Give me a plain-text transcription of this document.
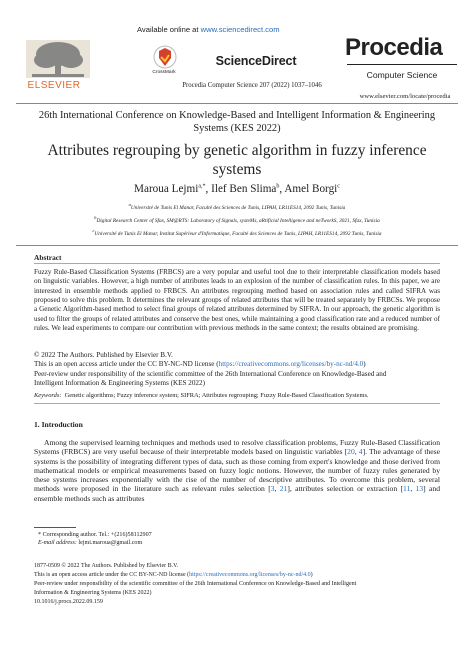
Available online at www.sciencedirect.com
ELSEVIER
CrossMark
ScienceDirect
Procedia Computer Science 207 (2022) 1037–1046
Procedia
Computer Science
www.elsevier.com/locate/procedia
26th International Conference on Knowledge-Based and Intelligent Information & Engineering
Systems (KES 2022)
Attributes regrouping by genetic algorithm in fuzzy inference
systems
Maroua Lejmi$^{a,*}$, Ilef Ben Slima$^b$, Amel Borgi$^c$
$^a$Université de Tunis El Manar, Faculté des Sciences de Tunis, LIPAH, LR11ES14, 2092 Tunis, Tunisia
$^b$Digital Research Center of Sfax, SM@RTS: Laboratory of Signals, systeMs, aRtificial Intelligence and neTworkS, 3021, Sfax, Tunisia
$^c$Université de Tunis El Manar, Institut Supérieur d'Informatique, Faculté des Sciences de Tunis, LIPAH, LR11ES14, 2092 Tunis, Tunisia
Abstract
Fuzzy Rule-Based Classification Systems (FRBCS) are a very popular and useful tool due to their interpretable classification models based on linguistic variables. However, a high number of attributes leads to an explosion of the number of classification rules. In this paper, we are interested in ensemble methods applied to FRBCS. An attributes regrouping method based on association rules and called SIFRA was proposed to solve this problem. It determines the relevant groups of related attributes that will be treated separately by FRBCSs. We propose a Genetic Algorithm-based method to select final groups of related attributes determined by SIFRA. In our approach, the genetic algorithm is used to filter the groups of related attributes and conserve the best ones, while maintaining a good classification rate and a reduced number of rules. We lead experiments to compare our contribution with previous methods in the same context; the results obtained are promising.
© 2022 The Authors. Published by Elsevier B.V.
This is an open access article under the CC BY-NC-ND license (https://creativecommons.org/licenses/by-nc-nd/4.0)
Peer-review under responsibility of the scientific committee of the 26th International Conference on Knowledge-Based and
Intelligent Information & Engineering Systems (KES 2022)
Keywords: Genetic algorithms; Fuzzy inference system; SIFRA; Attributes regrouping; Fuzzy Rule-Based Classification Systems.
1. Introduction
Among the supervised learning techniques and methods used to resolve classification problems, Fuzzy Rule-Based Classification Systems (FRBCS) are very useful because of their interpretable models based on linguistic variables [20, 4]. The advantage of these systems is the possibility of integrating different types of data, such as those coming from expert's knowledge and those derived from mathematical models or empirical measurements based on fuzzy logic notions. However, the number of fuzzy rules generated by these systems increases exponentially with the rise of the number of descriptive attributes. To overcome this problem, several methods were proposed in the literature such as relevant rules selection [3, 21], attributes selection or extraction [11, 13] and ensemble methods such as attributes
* Corresponding author. Tel.: +(216)58112907
E-mail address: lejmi.maroua@gmail.com
1877-0509 © 2022 The Authors. Published by Elsevier B.V.
This is an open access article under the CC BY-NC-ND license (https://creativecommons.org/licenses/by-nc-nd/4.0)
Peer-review under responsibility of the scientific committee of the 26th International Conference on Knowledge-Based and Intelligent
Information & Engineering Systems (KES 2022)
10.1016/j.procs.2022.09.159
